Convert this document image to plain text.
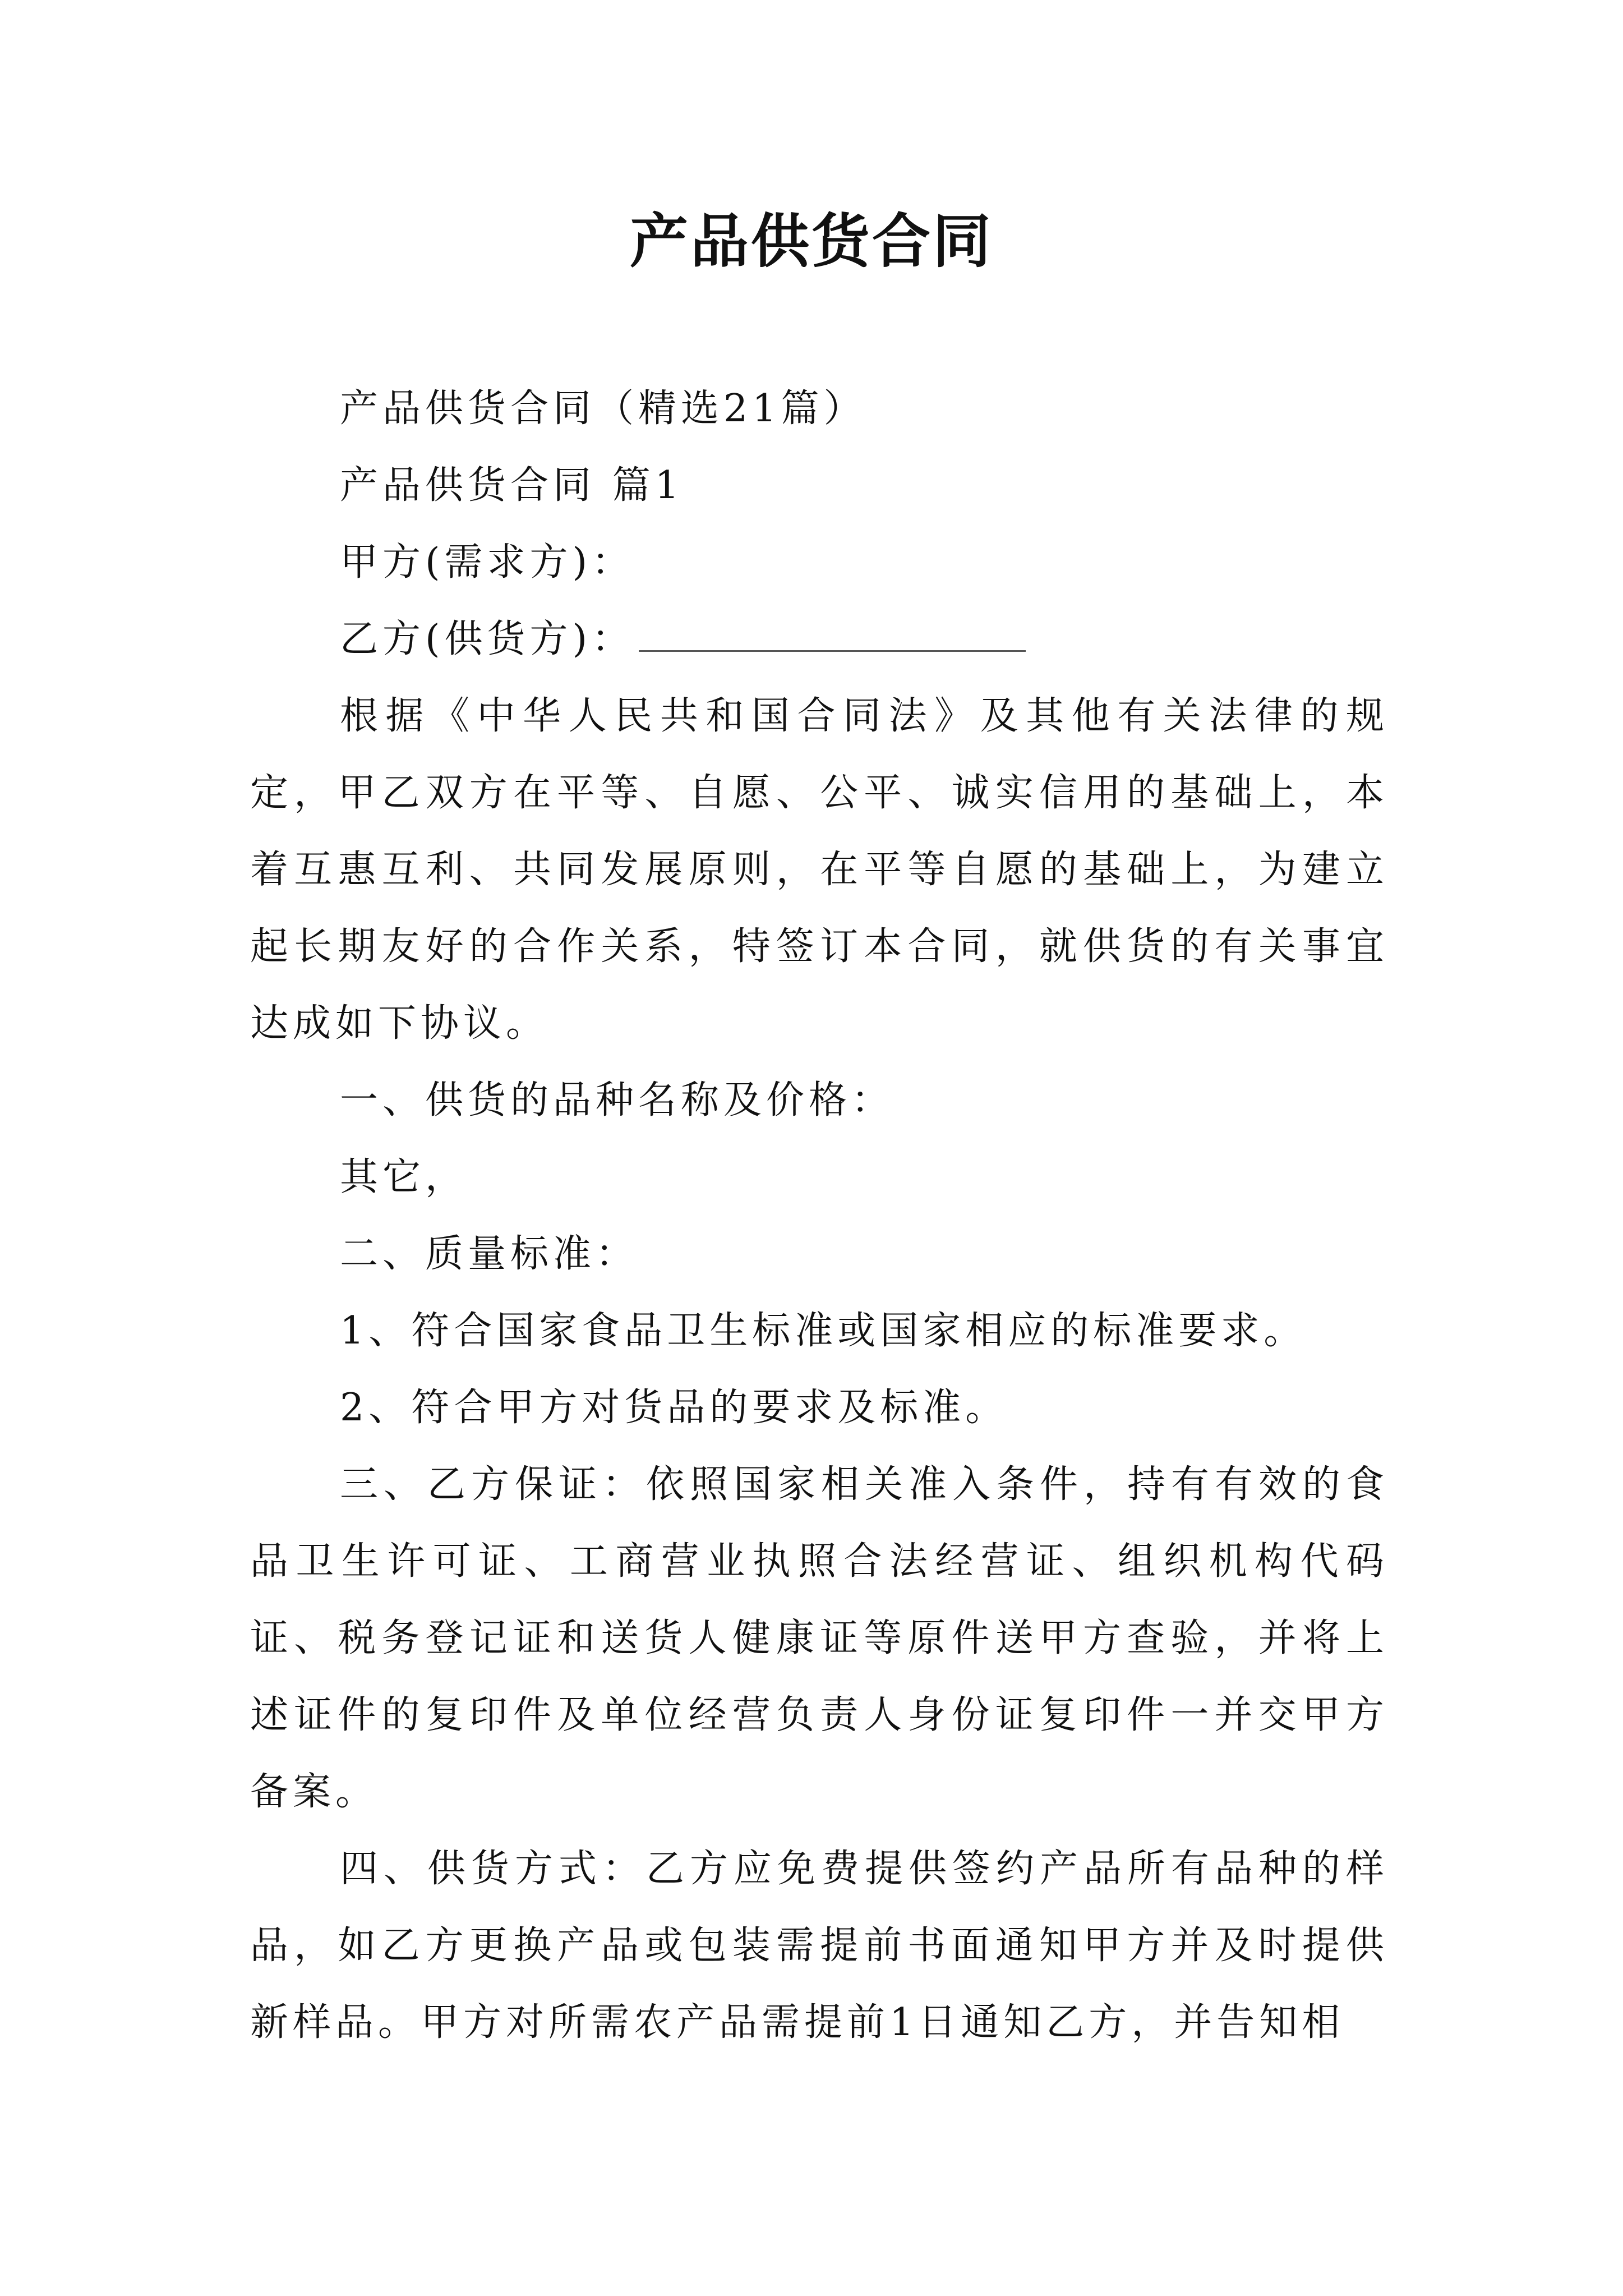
产品供货合同

产品供货合同（精选21篇）

产品供货合同 篇1

甲方(需求方)：

乙方(供货方)：

根据《中华人民共和国合同法》及其他有关法律的规定，甲乙双方在平等、自愿、公平、诚实信用的基础上，本着互惠互利、共同发展原则，在平等自愿的基础上，为建立起长期友好的合作关系，特签订本合同，就供货的有关事宜达成如下协议。

一、供货的品种名称及价格：

其它，

二、质量标准：

1、符合国家食品卫生标准或国家相应的标准要求。

2、符合甲方对货品的要求及标准。

三、乙方保证：依照国家相关准入条件，持有有效的食品卫生许可证、工商营业执照合法经营证、组织机构代码证、税务登记证和送货人健康证等原件送甲方查验，并将上述证件的复印件及单位经营负责人身份证复印件一并交甲方备案。

四、供货方式：乙方应免费提供签约产品所有品种的样品，如乙方更换产品或包装需提前书面通知甲方并及时提供新样品。甲方对所需农产品需提前1日通知乙方，并告知相
